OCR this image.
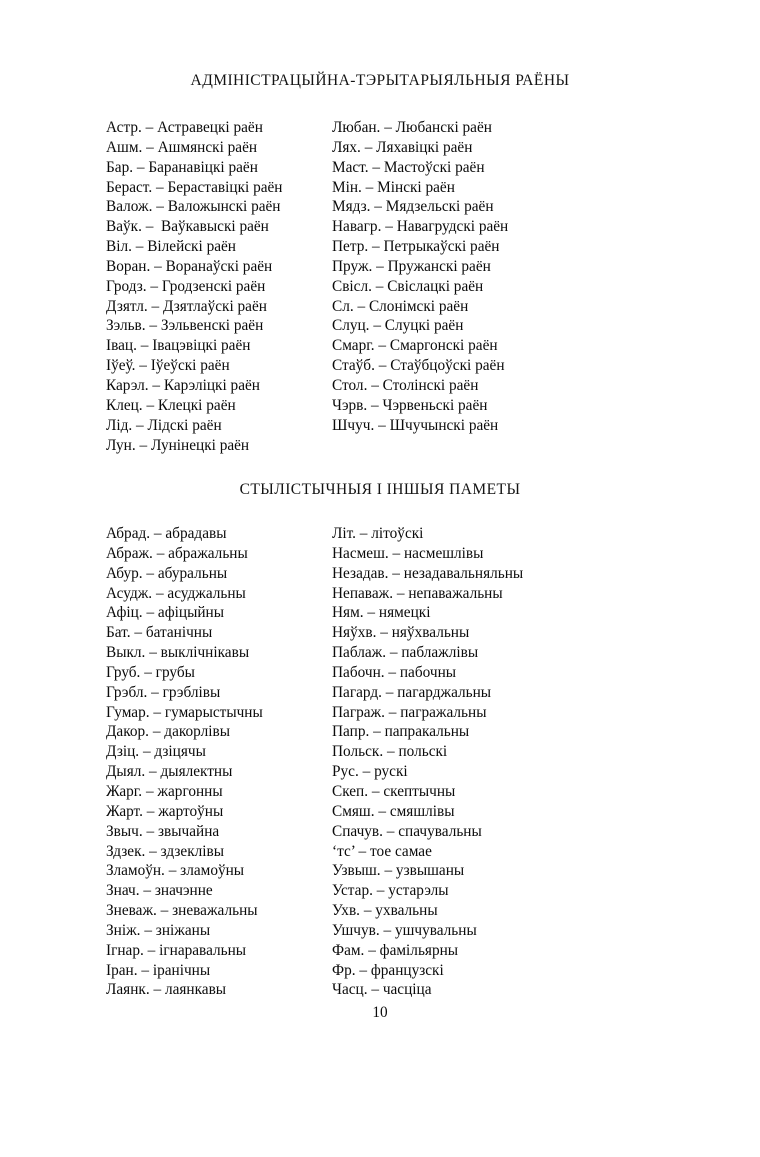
АДМІНІСТРАЦЫЙНА-ТЭРЫТАРЫЯЛЬНЫЯ РАЁНЫ
Астр. – Астравецкі раён
Ашм. – Ашмянскі раён
Бар. – Баранавіцкі раён
Бераст. – Бераставіцкі раён
Валож. – Валожынскі раён
Ваўк. –  Ваўкавыскі раён
Віл. – Вілейскі раён
Воран. – Воранаўскі раён
Гродз. – Гродзенскі раён
Дзятл. – Дзятлаўскі раён
Зэльв. – Зэльвенскі раён
Івац. – Івацэвіцкі раён
Іўеў. – Іўеўскі раён
Карэл. – Карэліцкі раён
Клец. – Клецкі раён
Лід. – Лідскі раён
Лун. – Лунінецкі раён
Любан. – Любанскі раён
Лях. – Ляхавіцкі раён
Маст. – Мастоўскі раён
Мін. – Мінскі раён
Мядз. – Мядзельскі раён
Навагр. – Навагрудскі раён
Петр. – Петрыкаўскі раён
Пруж. – Пружанскі раён
Свісл. – Свіслацкі раён
Сл. – Слонімскі раён
Слуц. – Слуцкі раён
Смарг. – Смаргонскі раён
Стаўб. – Стаўбцоўскі раён
Стол. – Столінскі раён
Чэрв. – Чэрвеньскі раён
Шчуч. – Шчучынскі раён
СТЫЛІСТЫЧНЫЯ І ІНШЫЯ ПАМЕТЫ
Абрад. – абрадавы
Абраж. – абражальны
Абур. – абуральны
Асудж. – асуджальны
Афіц. – афіцыйны
Бат. – батанічны
Выкл. – выклічнікавы
Груб. – грубы
Грэбл. – грэблівы
Гумар. – гумарыстычны
Дакор. – дакорлівы
Дзіц. – дзіцячы
Дыял. – дыялектны
Жарг. – жаргонны
Жарт. – жартоўны
Звыч. – звычайна
Здзек. – здзеклівы
Зламоўн. – зламоўны
Знач. – значэнне
Зневаж. – зневажальны
Зніж. – зніжаны
Ігнар. – ігнаравальны
Іран. – іранічны
Лаянк. – лаянкавы
Літ. – літоўскі
Насмеш. – насмешлівы
Незадав. – незадавальняльны
Непаваж. – непаважальны
Ням. – нямецкі
Няўхв. – няўхвальны
Паблаж. – паблажлівы
Пабочн. – пабочны
Пагард. – пагарджальны
Паграж. – пагражальны
Папр. – папракальны
Польск. – польскі
Рус. – рускі
Скеп. – скептычны
Смяш. – смяшлівы
Спачув. – спачувальны
‘тс’ – тое самае
Узвыш. – узвышаны
Устар. – устарэлы
Ухв. – ухвальны
Ушчув. – ушчувальны
Фам. – фамільярны
Фр. – французскі
Часц. – часціца
10
